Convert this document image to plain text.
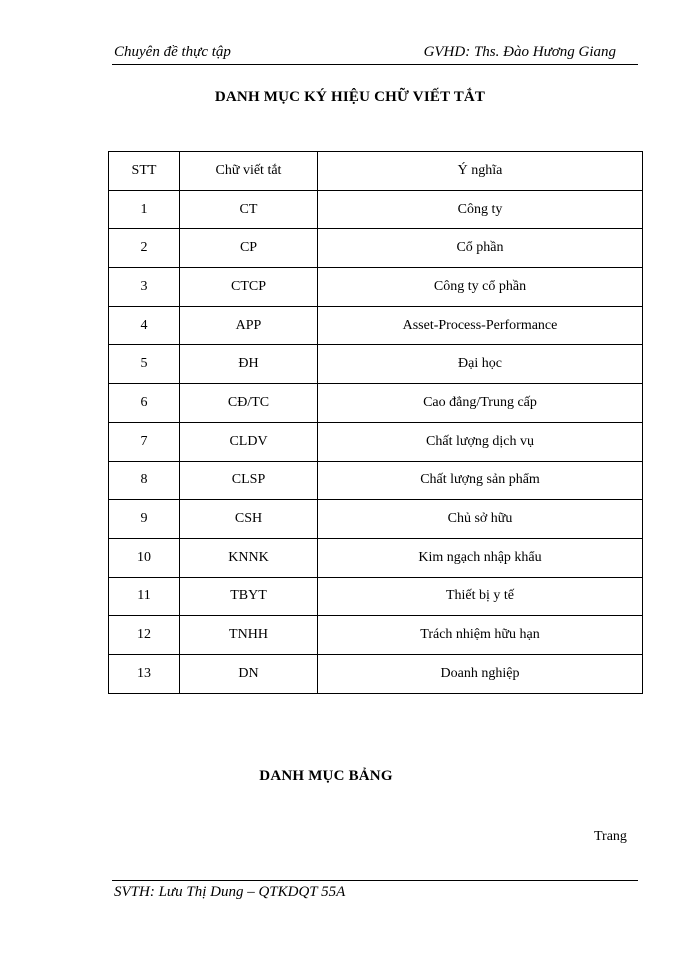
Chuyên đề thực tập	GVHD: Ths. Đào Hương Giang
DANH MỤC KÝ HIỆU CHỮ VIẾT TẮT
STT	Chữ viết tắt	Ý nghĩa
1	CT	Công ty
2	CP	Cổ phần
3	CTCP	Công ty cổ phần
4	APP	Asset-Process-Performance
5	ĐH	Đại học
6	CĐ/TC	Cao đẳng/Trung cấp
7	CLDV	Chất lượng dịch vụ
8	CLSP	Chất lượng sản phẩm
9	CSH	Chủ sở hữu
10	KNNK	Kim ngạch nhập khẩu
11	TBYT	Thiết bị y tế
12	TNHH	Trách nhiệm hữu hạn
13	DN	Doanh nghiệp
DANH MỤC BẢNG
Trang
SVTH: Lưu Thị Dung – QTKDQT 55A
